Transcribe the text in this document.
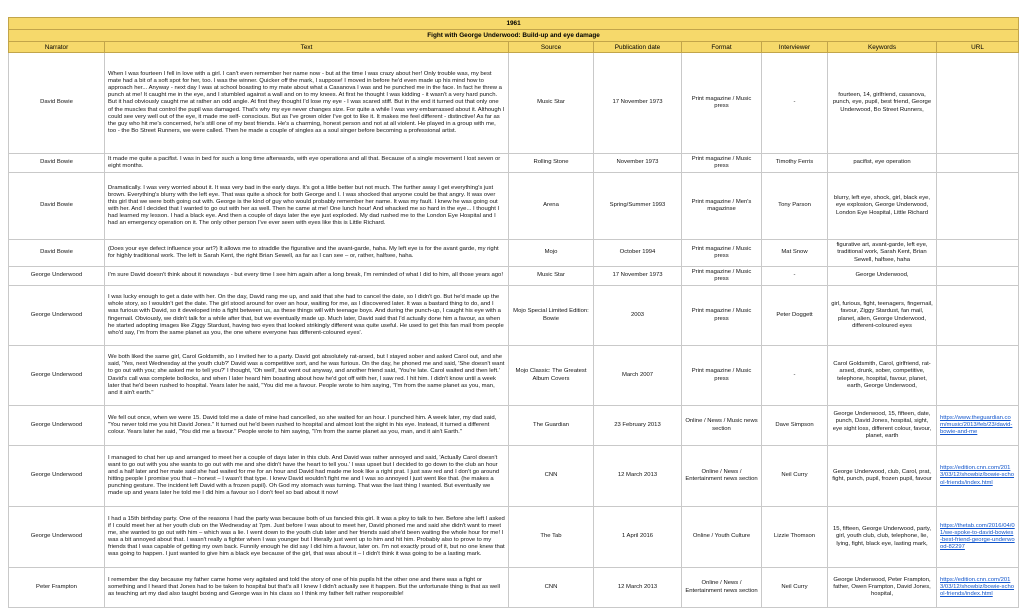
1961							
Fight with George Underwood: Build-up and eye damage							
Narrator	Text	Source	Publication date	Format	Interviewer	Keywords	URL
David Bowie	When I was fourteen I fell in love with a girl. I can't even remember her name now - but at the time I was crazy about her! Only trouble was, my best mate had a bit of a soft spot for her, too. I was the winner. Quicker off the mark, I suppose! I moved in before he'd even made up his mind how to approach her... Anyway - next day I was at school boasting to my mate about what a Casanova I was and he punched me in the face. In fact he threw a punch at me! It caught me in the eye, and I stumbled against a wall and on to my knees. At first he thought I was kidding - it wasn't a very hard punch. But it had obviously caught me at rather an odd angle. At first they thought I'd lose my eye - I was scared stiff. But in the end it turned out that only one of the muscles that control the pupil was damaged. That's why my eye never changes size. For quite a while I was very embarrassed about it. Although I could see very well out of the eye, it made me self- conscious. But as I've grown older I've got to like it. It makes me feel different - distinctive! As far as the guy who hit me's concerned, he's still one of my best friends. He's a charming, honest person and not at all violent. He played in a group with me, too - the Bo Street Runners, we were called. Then he made a couple of singles as a soul singer before becoming a professional artist.	Music Star	17 November 1973	Print magazine / Music press	-	fourteen, 14, girlfriend, casanova, punch, eye, pupil, best friend, George Underwood, Bo Street Runners,	
David Bowie	It made me quite a pacifist. I was in bed for such a long time afterwards, with eye operations and all that. Because of a single movement I lost seven or eight months.	Rolling Stone	November 1973	Print magazine / Music press	Timothy Ferris	pacifist, eye operation	
David Bowie	Dramatically. I was very worried about it. It was very bad in the early days. It's got a little better but not much. The further away I get everything's just brown. Everything's blurry with the left eye. That was quite a shock for both George and I. I was shocked that anyone could be that angry. It was over this girl that we were both going out with. George is the kind of guy who would probably remember her name. It was my fault. I knew he was going out with her. And I decided that I wanted to go out with her as well. Then he came at me! One lunch hour! And whacked me so hard in the eye... I thought I had learned my lesson. I had a black eye. And then a couple of days later the eye just exploded. My dad rushed me to the London Eye Hospital and I had an emergency operation on it. The only other person I've ever seen with eyes like this is Little Richard.	Arena	Spring/Summer 1993	Print magazine / Men's magazinse	Tony Parson	blurry, left eye, shock, girl, black eye, eye explosion, George Underwood, London Eye Hospital, Little Richard	
David Bowie	(Does your eye defect influence your art?) It allows me to straddle the figurative and the avant-garde, haha. My left eye is for the avant garde, my right for highly traditional work. The left is Sarah Kent, the right Brian Sewell, as far as I can see – or, rather, halfsee, haha.	Mojo	October 1994	Print magazine / Music press	Mat Snow	figurative art, avant-garde, left eye, traditional work, Sarah Kent, Brian Sewell, halfsee, haha	
George Underwood	I'm sure David doesn't think about it nowadays - but every time I see him again after a long break, I'm reminded of what I did to him, all those years ago!	Music Star	17 November 1973	Print magazine / Music press	-	George Underwood,	
George Underwood	I was lucky enough to get a date with her. On the day, David rang me up, and said that she had to cancel the date, so I didn't go. But he'd made up the whole story, so I wouldn't get the date. The girl stood around for over an hour, waiting for me, as I discovered later. It was a bastard thing to do, and I was furious with David, so it developed into a fight between us, as these things will with teenage boys. And during the punch-up, I caught his eye with a fingernail. Obviously, we didn't talk for a while after that, but we eventually made up. Much later, David said that I'd actually done him a favour, as when he started adopting images like Ziggy Stardust, having two eyes that looked strikingly different was quite useful. He used to get this fan mail from people who'd say, I'm from the same planet as you, the one where everyone has different-coloured eyes'.	Mojo Special Limited Edition: Bowie	2003	Print magazine / Music press	Peter Doggett	girl, furious, fight, teenagers, fingernail, favour, Ziggy Stardust, fan mail, planet, alien, George Underwood, different-coloured eyes	
George Underwood	We both liked the same girl, Carol Goldsmith, so I invited her to a party. David got absolutely rat-arsed, but I stayed sober and asked Carol out, and she said, 'Yes, next Wednesday at the youth club?' David was a competitive sort, and he was furious. On the day, he phoned me and said, 'She doesn't want to go out with you; she asked me to tell you?' I thought, 'Oh well', but went out anyway, and another friend said, 'You're late. Carol waited and then left.' David's call was complete bollocks, and when I later heard him boasting about how he'd got off with her, I saw red. I hit him. I didn't know until a week later that he'd been rushed to hospital. Years later he said, "You did me a favour. People wrote to him saying, "I'm from the same planet as you, man, and it ain't earth."	Mojo Classic: The Greatest Album Covers	March 2007	Print magazine / Music press	-	Carol Goldsmith, Carol, girlfriend, rat-arsed, drunk, sober, competitive, telephone, hospital, favour, planet, earth, George Underwood,	
George Underwood	We fell out once, when we were 15. David told me a date of mine had cancelled, so she waited for an hour. I punched him. A week later, my dad said, "You never told me you hit David Jones." It turned out he'd been rushed to hospital and almost lost the sight in his eye. Instead, it turned a different colour. Years later he said, "You did me a favour." People wrote to him saying, "I'm from the same planet as you, man, and it ain't Earth."	The Guardian	23 February 2013	Online / News / Music news section	Dave Simpson	George Underwood, 15, fifteen, date, punch, David Jones, hospital, sight, eye sight loss, different colour, favour, planet, earth	https://www.theguardian.com/music/2013/feb/23/david-bowie-and-me
George Underwood	I managed to chat her up and arranged to meet her a couple of days later in this club. And David was rather annoyed and said, 'Actually Carol doesn't want to go out with you she wants to go out with me and she didn't have the heart to tell you.' I was upset but I decided to go down to the club an hour and a half later and her mate said she had waited for me for an hour and David had made me look like a right prat. I just saw red and I don't go around hitting people I promise you that – honest – I wasn't that type. I knew David wouldn't fight me and I was so annoyed I just went like that. (he makes a punching gesture. The incident left David with a frozen pupil). Oh God my stomach was turning. That was the last thing I wanted. But eventually we made up and years later he told me I did him a favour so I don't feel so bad about it now!	CNN	12 March 2013	Online / News / Entertainment news section	Neil Curry	George Underwood, club, Carol, prat, fight, punch, pupil, frozen pupil, favour	https://edition.cnn.com/2013/03/12/showbiz/bowie-school-friends/index.html
George Underwood	I had a 15th birthday party. One of the reasons I had the party was because both of us fancied this girl. It was a ploy to talk to her. Before she left I asked if I could meet her at her youth club on the Wednesday at 7pm. Just before I was about to meet her, David phoned me and said she didn't want to meet me, she wanted to go out with him – which was a lie. I went down to the youth club later and her friends said she'd been waiting the whole hour for me! I was a bit annoyed about that. I wasn't really a fighter when I was younger but I literally just went up to him and hit him. Probably also to prove to my friends that I was capable of getting my own back. Funnily enough he did say I did him a favour, later on. I'm not exactly proud of it, but no one knew that was going to happen. I just wanted to give him a black eye because of the girl, that was about it – I didn't think it was going to be a lasting mark.	The Tab	1 April 2016	Online / Youth Culture	Lizzie Thomson	15, fifteen, George Underwood, party, girl, youth club, club, telephone, lie, lying, fight, black eye, lasting mark,	https://thetab.com/2016/04/01/we-spoke-to-david-bowies-best-friend-george-underwood-82297
Peter Frampton	I remember the day because my father came home very agitated and told the story of one of his pupils hit the other one and there was a fight or something and I heard that Jones had to be taken to hospital but that's all I knew I didn't actually see it happen. But the unfortunate thing is that as well as teaching art my dad also taught boxing and George was in his class so I think my father felt rather responsible!	CNN	12 March 2013	Online / News / Entertainment news section	Neil Curry	George Underwood, Peter Frampton, father, Owen Frampton, David Jones, hospital,	https://edition.cnn.com/2013/03/12/showbiz/bowie-school-friends/index.html
